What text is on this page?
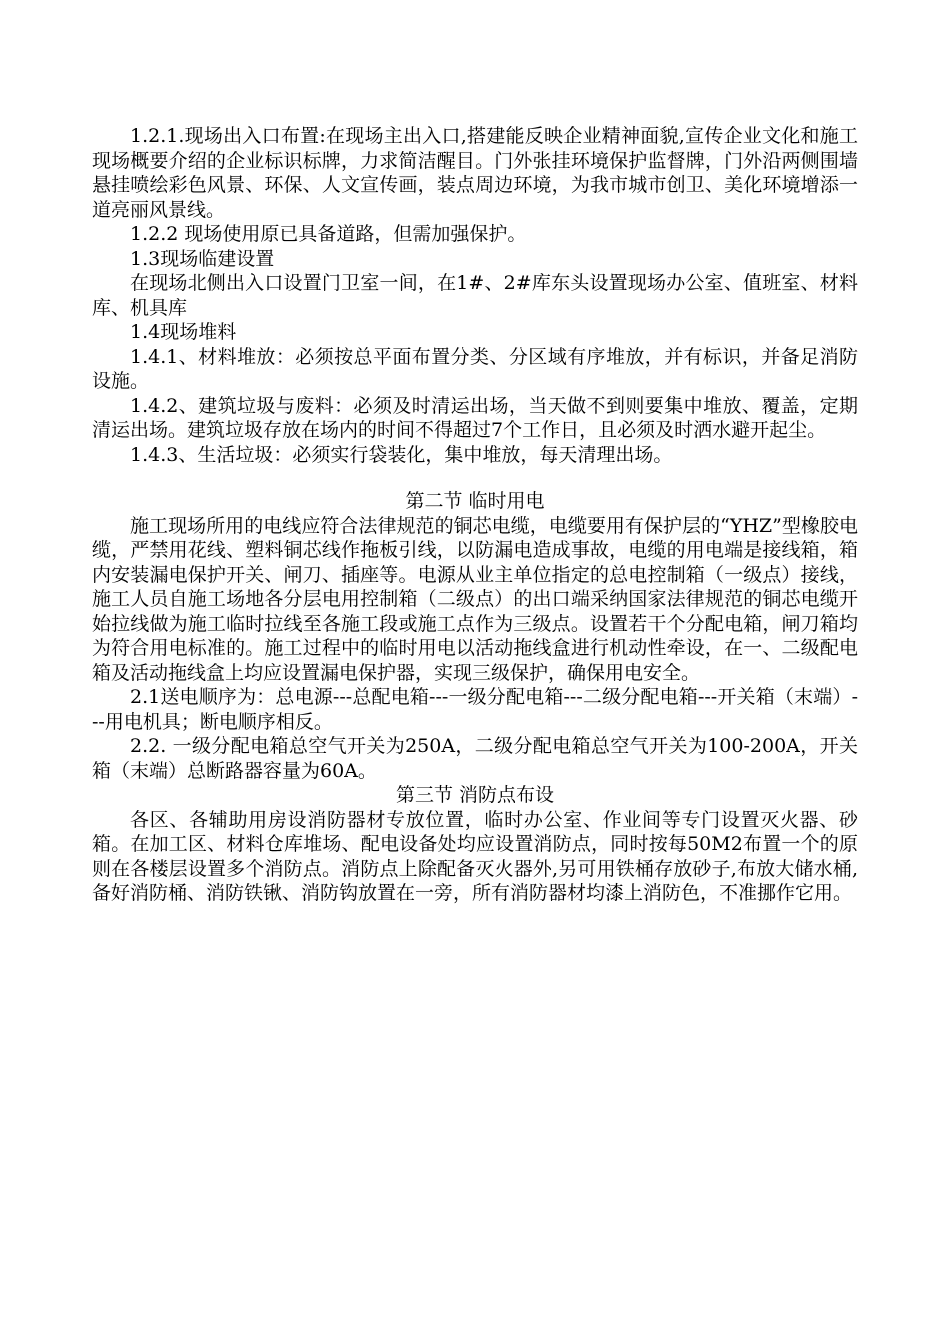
1.2.1.现场出入口布置:在现场主出入口,搭建能反映企业精神面貌,宣传企业文化和施工现场概要介绍的企业标识标牌，力求简洁醒目。门外张挂环境保护监督牌，门外沿两侧围墙悬挂喷绘彩色风景、环保、人文宣传画，装点周边环境，为我市城市创卫、美化环境增添一道亮丽风景线。

1.2.2 现场使用原已具备道路，但需加强保护。

1.3现场临建设置

在现场北侧出入口设置门卫室一间，在1#、2#库东头设置现场办公室、值班室、材料库、机具库

1.4现场堆料

1.4.1、材料堆放：必须按总平面布置分类、分区域有序堆放，并有标识，并备足消防设施。

1.4.2、建筑垃圾与废料：必须及时清运出场，当天做不到则要集中堆放、覆盖，定期清运出场。建筑垃圾存放在场内的时间不得超过7个工作日，且必须及时洒水避开起尘。

1.4.3、生活垃圾：必须实行袋装化，集中堆放，每天清理出场。

第二节 临时用电

施工现场所用的电线应符合法律规范的铜芯电缆，电缆要用有保护层的“YHZ”型橡胶电缆，严禁用花线、塑料铜芯线作拖板引线，以防漏电造成事故，电缆的用电端是接线箱，箱内安装漏电保护开关、闸刀、插座等。电源从业主单位指定的总电控制箱（一级点）接线，施工人员自施工场地各分层电用控制箱（二级点）的出口端采纳国家法律规范的铜芯电缆开始拉线做为施工临时拉线至各施工段或施工点作为三级点。设置若干个分配电箱，闸刀箱均为符合用电标准的。施工过程中的临时用电以活动拖线盒进行机动性牵设，在一、二级配电箱及活动拖线盒上均应设置漏电保护器，实现三级保护，确保用电安全。

2.1送电顺序为：总电源---总配电箱---一级分配电箱---二级分配电箱---开关箱（末端）---用电机具；断电顺序相反。

2.2. 一级分配电箱总空气开关为250A，二级分配电箱总空气开关为100-200A，开关箱（末端）总断路器容量为60A。

第三节 消防点布设

各区、各辅助用房设消防器材专放位置，临时办公室、作业间等专门设置灭火器、砂箱。在加工区、材料仓库堆场、配电设备处均应设置消防点，同时按每50M2布置一个的原则在各楼层设置多个消防点。消防点上除配备灭火器外,另可用铁桶存放砂子,布放大储水桶,备好消防桶、消防铁锹、消防钩放置在一旁，所有消防器材均漆上消防色，不准挪作它用。
